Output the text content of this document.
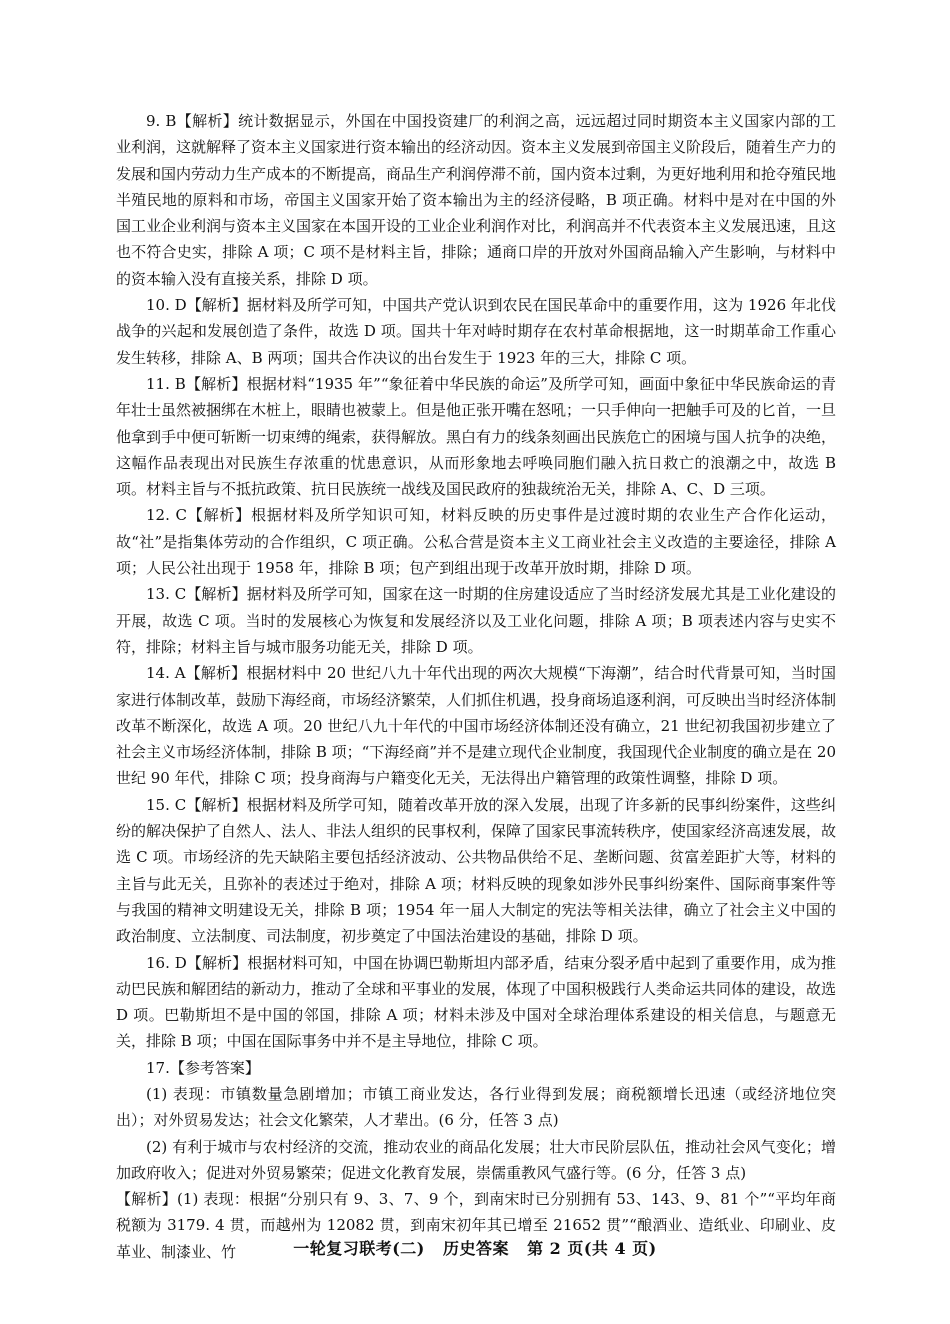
9. B【解析】统计数据显示，外国在中国投资建厂的利润之高，远远超过同时期资本主义国家内部的工业利润，这就解释了资本主义国家进行资本输出的经济动因。资本主义发展到帝国主义阶段后，随着生产力的发展和国内劳动力生产成本的不断提高，商品生产利润停滞不前，国内资本过剩，为更好地利用和抢夺殖民地半殖民地的原料和市场，帝国主义国家开始了资本输出为主的经济侵略，B 项正确。材料中是对在中国的外国工业企业利润与资本主义国家在本国开设的工业企业利润作对比，利润高并不代表资本主义发展迅速，且这也不符合史实，排除 A 项；C 项不是材料主旨，排除；通商口岸的开放对外国商品输入产生影响，与材料中的资本输入没有直接关系，排除 D 项。

10. D【解析】据材料及所学可知，中国共产党认识到农民在国民革命中的重要作用，这为 1926 年北伐战争的兴起和发展创造了条件，故选 D 项。国共十年对峙时期存在农村革命根据地，这一时期革命工作重心发生转移，排除 A、B 两项；国共合作决议的出台发生于 1923 年的三大，排除 C 项。

11. B【解析】根据材料“1935 年”“象征着中华民族的命运”及所学可知，画面中象征中华民族命运的青年壮士虽然被捆绑在木桩上，眼睛也被蒙上。但是他正张开嘴在怒吼；一只手伸向一把触手可及的匕首，一旦他拿到手中便可斩断一切束缚的绳索，获得解放。黑白有力的线条刻画出民族危亡的困境与国人抗争的决绝，这幅作品表现出对民族生存浓重的忧患意识，从而形象地去呼唤同胞们融入抗日救亡的浪潮之中，故选 B 项。材料主旨与不抵抗政策、抗日民族统一战线及国民政府的独裁统治无关，排除 A、C、D 三项。

12. C【解析】根据材料及所学知识可知，材料反映的历史事件是过渡时期的农业生产合作化运动，故“社”是指集体劳动的合作组织，C 项正确。公私合营是资本主义工商业社会主义改造的主要途径，排除 A 项；人民公社出现于 1958 年，排除 B 项；包产到组出现于改革开放时期，排除 D 项。

13. C【解析】据材料及所学可知，国家在这一时期的住房建设适应了当时经济发展尤其是工业化建设的开展，故选 C 项。当时的发展核心为恢复和发展经济以及工业化问题，排除 A 项；B 项表述内容与史实不符，排除；材料主旨与城市服务功能无关，排除 D 项。

14. A【解析】根据材料中 20 世纪八九十年代出现的两次大规模“下海潮”，结合时代背景可知，当时国家进行体制改革，鼓励下海经商，市场经济繁荣，人们抓住机遇，投身商场追逐利润，可反映出当时经济体制改革不断深化，故选 A 项。20 世纪八九十年代的中国市场经济体制还没有确立，21 世纪初我国初步建立了社会主义市场经济体制，排除 B 项；“下海经商”并不是建立现代企业制度，我国现代企业制度的确立是在 20 世纪 90 年代，排除 C 项；投身商海与户籍变化无关，无法得出户籍管理的政策性调整，排除 D 项。

15. C【解析】根据材料及所学可知，随着改革开放的深入发展，出现了许多新的民事纠纷案件，这些纠纷的解决保护了自然人、法人、非法人组织的民事权利，保障了国家民事流转秩序，使国家经济高速发展，故选 C 项。市场经济的先天缺陷主要包括经济波动、公共物品供给不足、垄断问题、贫富差距扩大等，材料的主旨与此无关，且弥补的表述过于绝对，排除 A 项；材料反映的现象如涉外民事纠纷案件、国际商事案件等与我国的精神文明建设无关，排除 B 项；1954 年一届人大制定的宪法等相关法律，确立了社会主义中国的政治制度、立法制度、司法制度，初步奠定了中国法治建设的基础，排除 D 项。

16. D【解析】根据材料可知，中国在协调巴勒斯坦内部矛盾，结束分裂矛盾中起到了重要作用，成为推动巴民族和解团结的新动力，推动了全球和平事业的发展，体现了中国积极践行人类命运共同体的建设，故选 D 项。巴勒斯坦不是中国的邻国，排除 A 项；材料未涉及中国对全球治理体系建设的相关信息，与题意无关，排除 B 项；中国在国际事务中并不是主导地位，排除 C 项。

17.【参考答案】

(1) 表现：市镇数量急剧增加；市镇工商业发达，各行业得到发展；商税额增长迅速（或经济地位突出）；对外贸易发达；社会文化繁荣，人才辈出。(6 分，任答 3 点)

(2) 有利于城市与农村经济的交流，推动农业的商品化发展；壮大市民阶层队伍，推动社会风气变化；增加政府收入；促进对外贸易繁荣；促进文化教育发展，崇儒重教风气盛行等。(6 分，任答 3 点)

【解析】(1) 表现：根据“分别只有 9、3、7、9 个，到南宋时已分别拥有 53、143、9、81 个”“平均年商税额为 3179. 4 贯，而越州为 12082 贯，到南宋初年其已增至 21652 贯”“酿酒业、造纸业、印刷业、皮革业、制漆业、竹	一轮复习联考(二) 历史答案 第 2 页(共 4 页)
